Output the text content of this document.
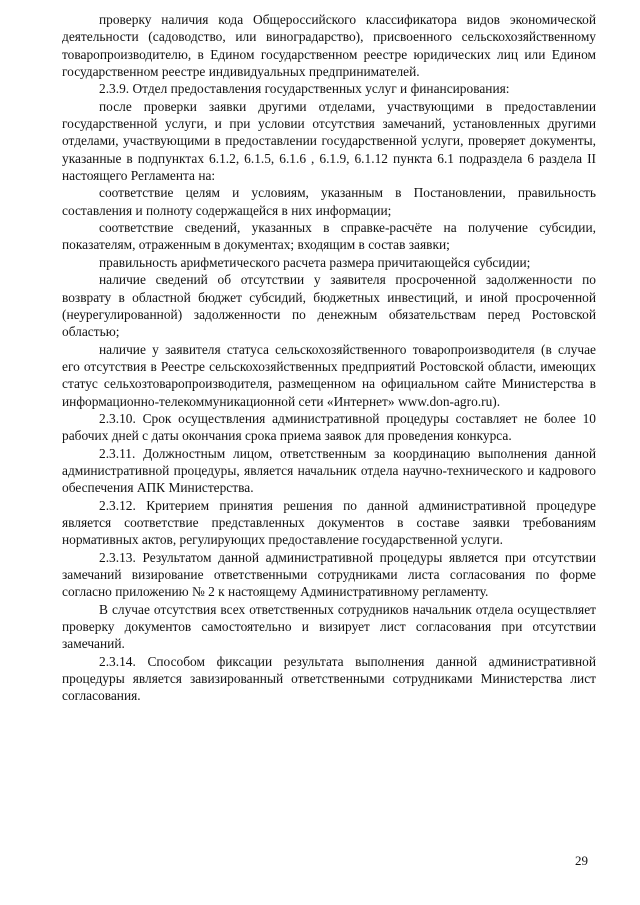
проверку наличия кода Общероссийского классификатора видов экономической деятельности (садоводство, или виноградарство), присвоенного сельскохозяйственному товаропроизводителю, в Едином государственном реестре юридических лиц или Едином государственном реестре индивидуальных предпринимателей.

2.3.9. Отдел предоставления государственных услуг и финансирования:

после проверки заявки другими отделами, участвующими в предоставлении государственной услуги, и при условии отсутствия замечаний, установленных другими отделами, участвующими в предоставлении государственной услуги, проверяет документы, указанные в подпунктах 6.1.2, 6.1.5, 6.1.6 , 6.1.9, 6.1.12 пункта 6.1 подраздела 6 раздела II настоящего Регламента на:

соответствие целям и условиям, указанным в Постановлении, правильность составления и полноту содержащейся в них информации;

соответствие сведений, указанных в справке-расчёте на получение субсидии, показателям, отраженным в документах; входящим в состав заявки;

правильность арифметического расчета размера причитающейся субсидии;

наличие сведений об отсутствии у заявителя просроченной задолженности по возврату в областной бюджет субсидий, бюджетных инвестиций, и иной просроченной (неурегулированной) задолженности по денежным обязательствам перед Ростовской областью;

наличие у заявителя статуса сельскохозяйственного товаропроизводителя (в случае его отсутствия в Реестре сельскохозяйственных предприятий Ростовской области, имеющих статус сельхозтоваропроизводителя, размещенном на официальном сайте Министерства в информационно-телекоммуникационной сети «Интернет» www.don-agro.ru).

2.3.10. Срок осуществления административной процедуры составляет не более 10 рабочих дней с даты окончания срока приема заявок для проведения конкурса.

2.3.11. Должностным лицом, ответственным за координацию выполнения данной административной процедуры, является начальник отдела научно-технического и кадрового обеспечения АПК Министерства.

2.3.12. Критерием принятия решения по данной административной процедуре является соответствие представленных документов в составе заявки требованиям нормативных актов, регулирующих предоставление государственной услуги.

2.3.13. Результатом данной административной процедуры является при отсутствии замечаний визирование ответственными сотрудниками листа согласования по форме согласно приложению № 2 к настоящему Административному регламенту.

В случае отсутствия всех ответственных сотрудников начальник отдела осуществляет проверку документов самостоятельно и визирует лист согласования при отсутствии замечаний.

2.3.14. Способом фиксации результата выполнения данной административной процедуры является завизированный ответственными сотрудниками Министерства лист согласования.

29
